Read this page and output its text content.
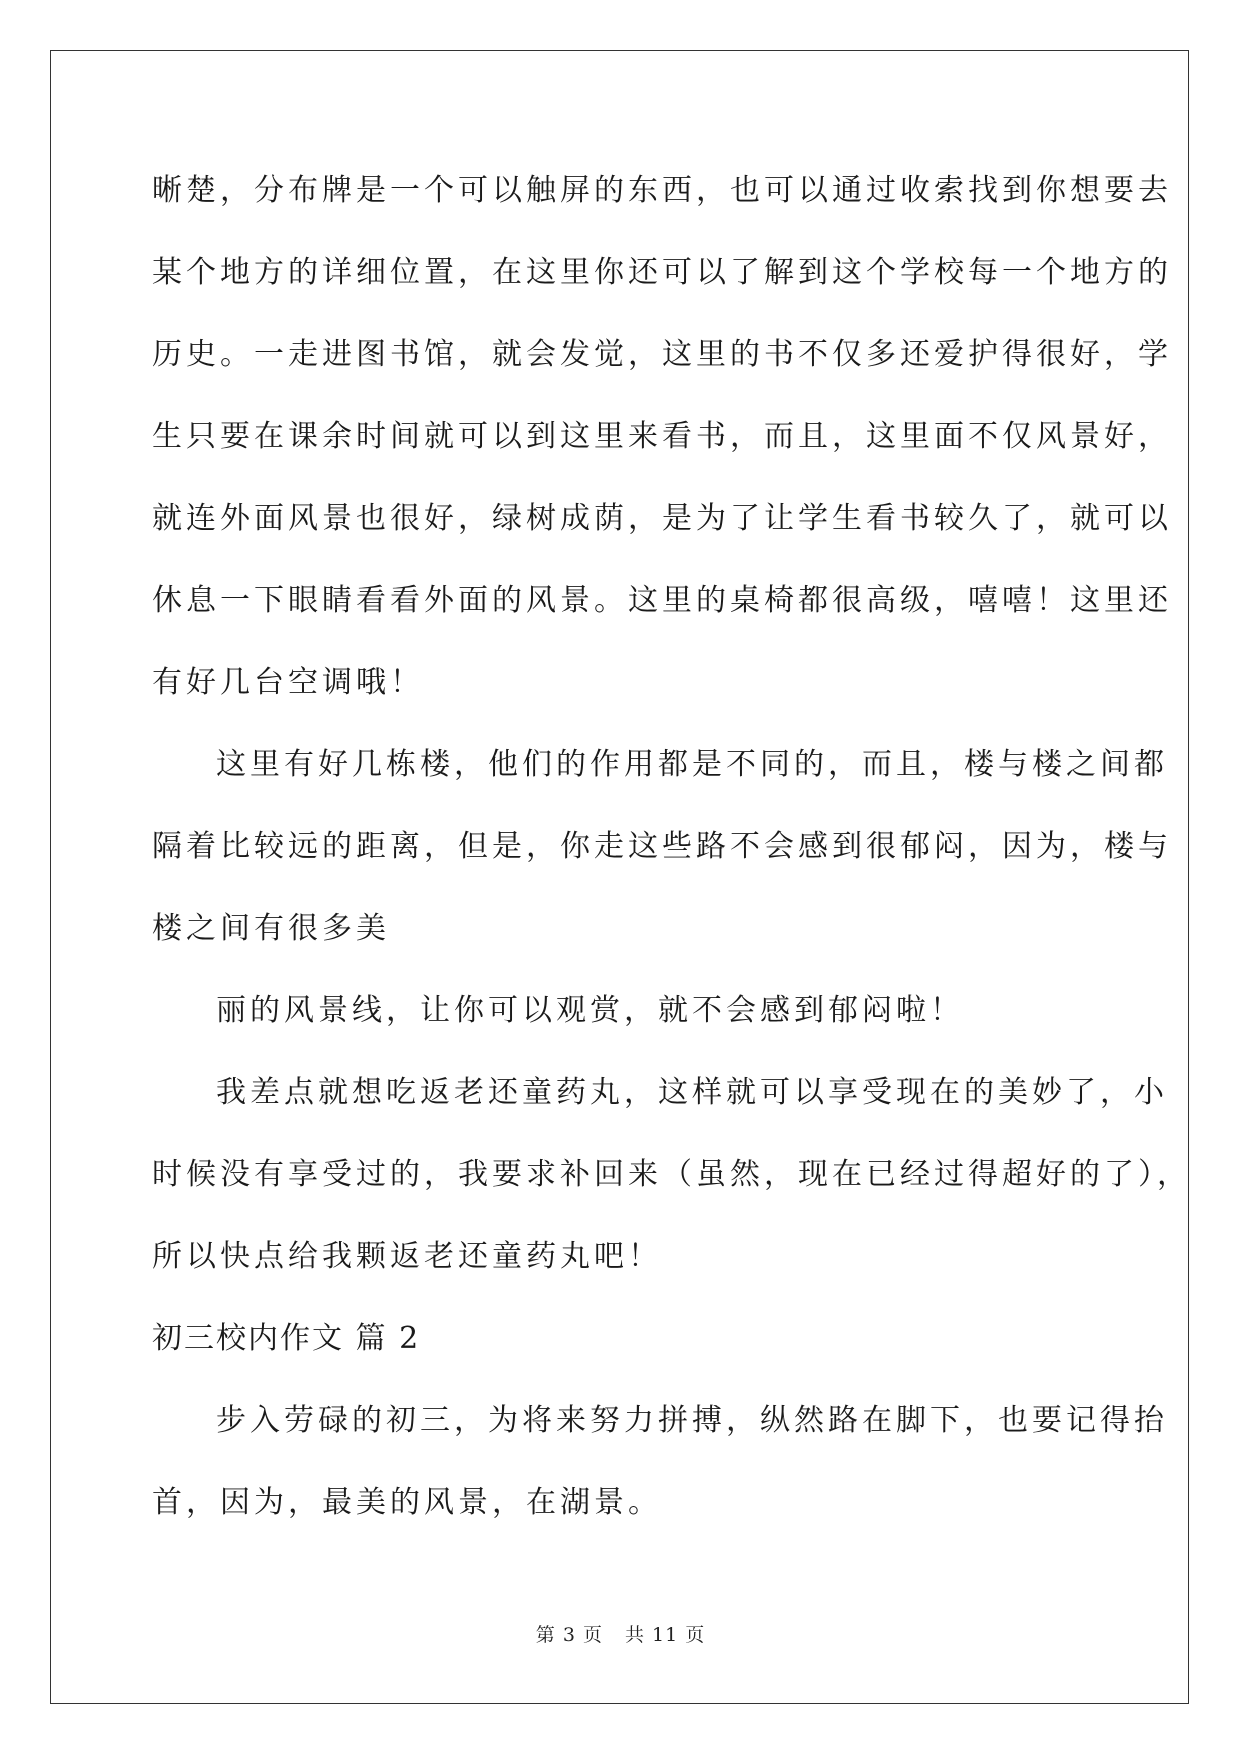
晰楚，分布牌是一个可以触屏的东西，也可以通过收索找到你想要去
某个地方的详细位置，在这里你还可以了解到这个学校每一个地方的
历史。一走进图书馆，就会发觉，这里的书不仅多还爱护得很好，学
生只要在课余时间就可以到这里来看书，而且，这里面不仅风景好，
就连外面风景也很好，绿树成荫，是为了让学生看书较久了，就可以
休息一下眼睛看看外面的风景。这里的桌椅都很高级，嘻嘻！这里还
有好几台空调哦！
这里有好几栋楼，他们的作用都是不同的，而且，楼与楼之间都
隔着比较远的距离，但是，你走这些路不会感到很郁闷，因为，楼与
楼之间有很多美
丽的风景线，让你可以观赏，就不会感到郁闷啦！
我差点就想吃返老还童药丸，这样就可以享受现在的美妙了，小
时候没有享受过的，我要求补回来（虽然，现在已经过得超好的了），
所以快点给我颗返老还童药丸吧！
初三校内作文 篇 2
步入劳碌的初三，为将来努力拼搏，纵然路在脚下，也要记得抬
首，因为，最美的风景，在湖景。
第 3 页 共 11 页
